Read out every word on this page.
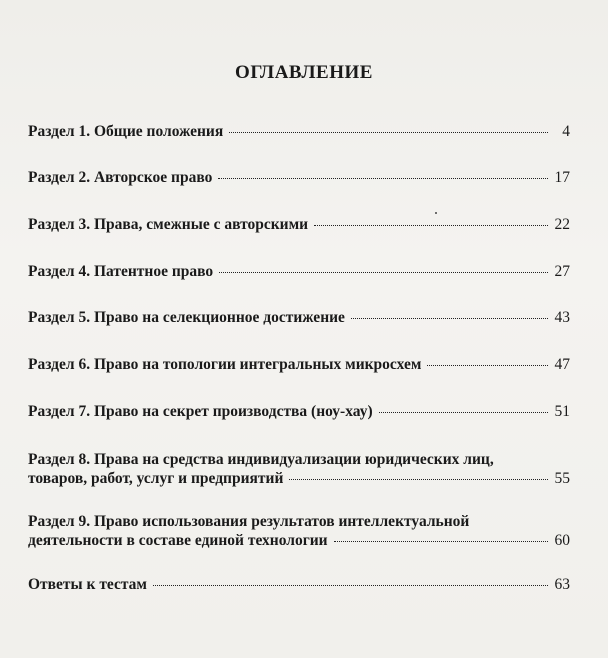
ОГЛАВЛЕНИЕ
Раздел 1. Общие положения	4
Раздел 2. Авторское право	17
Раздел 3. Права, смежные с авторскими	22
Раздел 4. Патентное право	27
Раздел 5. Право на селекционное достижение	43
Раздел 6. Право на топологии интегральных микросхем	47
Раздел 7. Право на секрет производства (ноу-хау)	51
Раздел 8. Права на средства индивидуализации юридических лиц,
товаров, работ, услуг и предприятий	55
Раздел 9. Право использования результатов интеллектуальной
деятельности в составе единой технологии	60
Ответы к тестам	63
